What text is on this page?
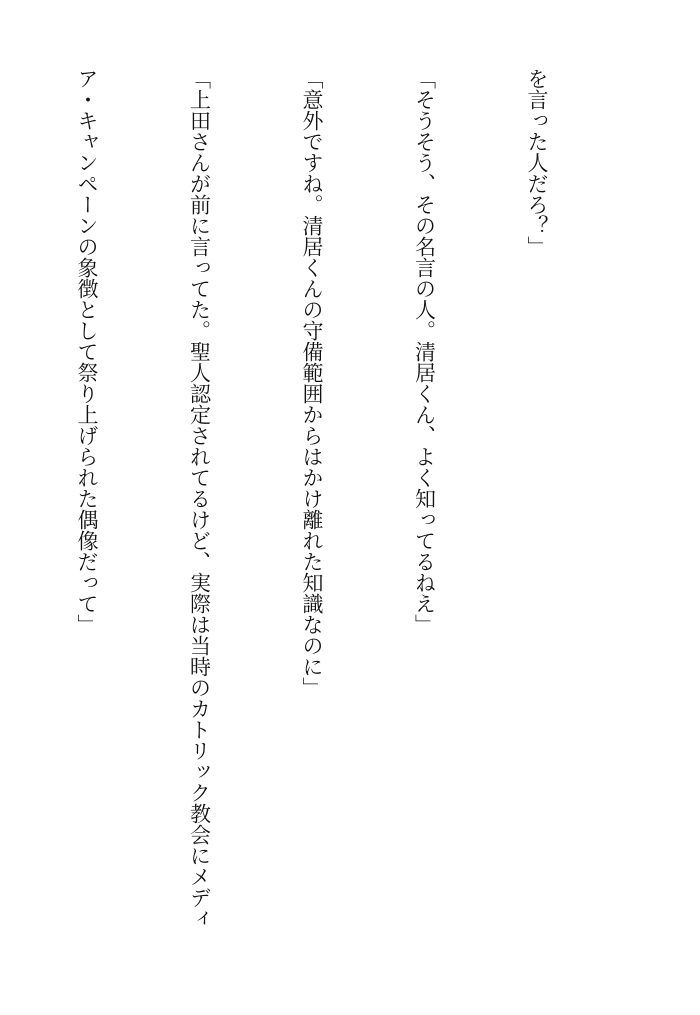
を言った人だろ？」

「そうそう、その名言の人。清居くん、よく知ってるねえ」

「意外ですね。清居くんの守備範囲からはかけ離れた知識なのに」

「上田さんが前に言ってた。聖人認定されてるけど、実際は当時のカトリック教会にメディ

ア・キャンペーンの象徴として祭り上げられた偶像だって」
